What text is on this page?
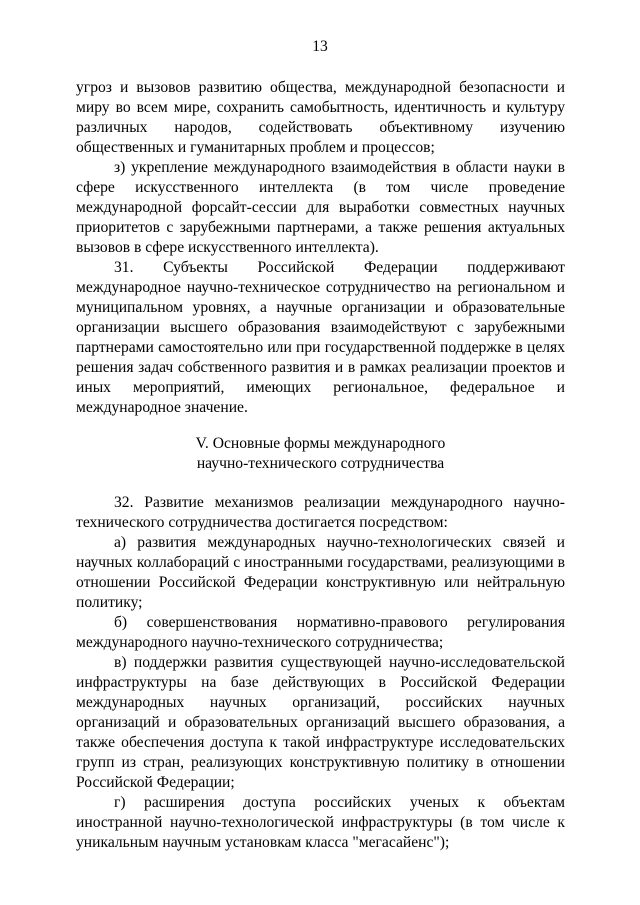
13

угроз и вызовов развитию общества, международной безопасности и миру во всем мире, сохранить самобытность, идентичность и культуру различных народов, содействовать объективному изучению общественных и гуманитарных проблем и процессов;

з) укрепление международного взаимодействия в области науки в сфере искусственного интеллекта (в том числе проведение международной форсайт-сессии для выработки совместных научных приоритетов с зарубежными партнерами, а также решения актуальных вызовов в сфере искусственного интеллекта).

31. Субъекты Российской Федерации поддерживают международное научно-техническое сотрудничество на региональном и муниципальном уровнях, а научные организации и образовательные организации высшего образования взаимодействуют с зарубежными партнерами самостоятельно или при государственной поддержке в целях решения задач собственного развития и в рамках реализации проектов и иных мероприятий, имеющих региональное, федеральное и международное значение.

V. Основные формы международного
научно-технического сотрудничества

32. Развитие механизмов реализации международного научно-технического сотрудничества достигается посредством:

а) развития международных научно-технологических связей и научных коллабораций с иностранными государствами, реализующими в отношении Российской Федерации конструктивную или нейтральную политику;

б) совершенствования нормативно-правового регулирования международного научно-технического сотрудничества;

в) поддержки развития существующей научно-исследовательской инфраструктуры на базе действующих в Российской Федерации международных научных организаций, российских научных организаций и образовательных организаций высшего образования, а также обеспечения доступа к такой инфраструктуре исследовательских групп из стран, реализующих конструктивную политику в отношении Российской Федерации;

г) расширения доступа российских ученых к объектам иностранной научно-технологической инфраструктуры (в том числе к уникальным научным установкам класса "мегасайенс");
